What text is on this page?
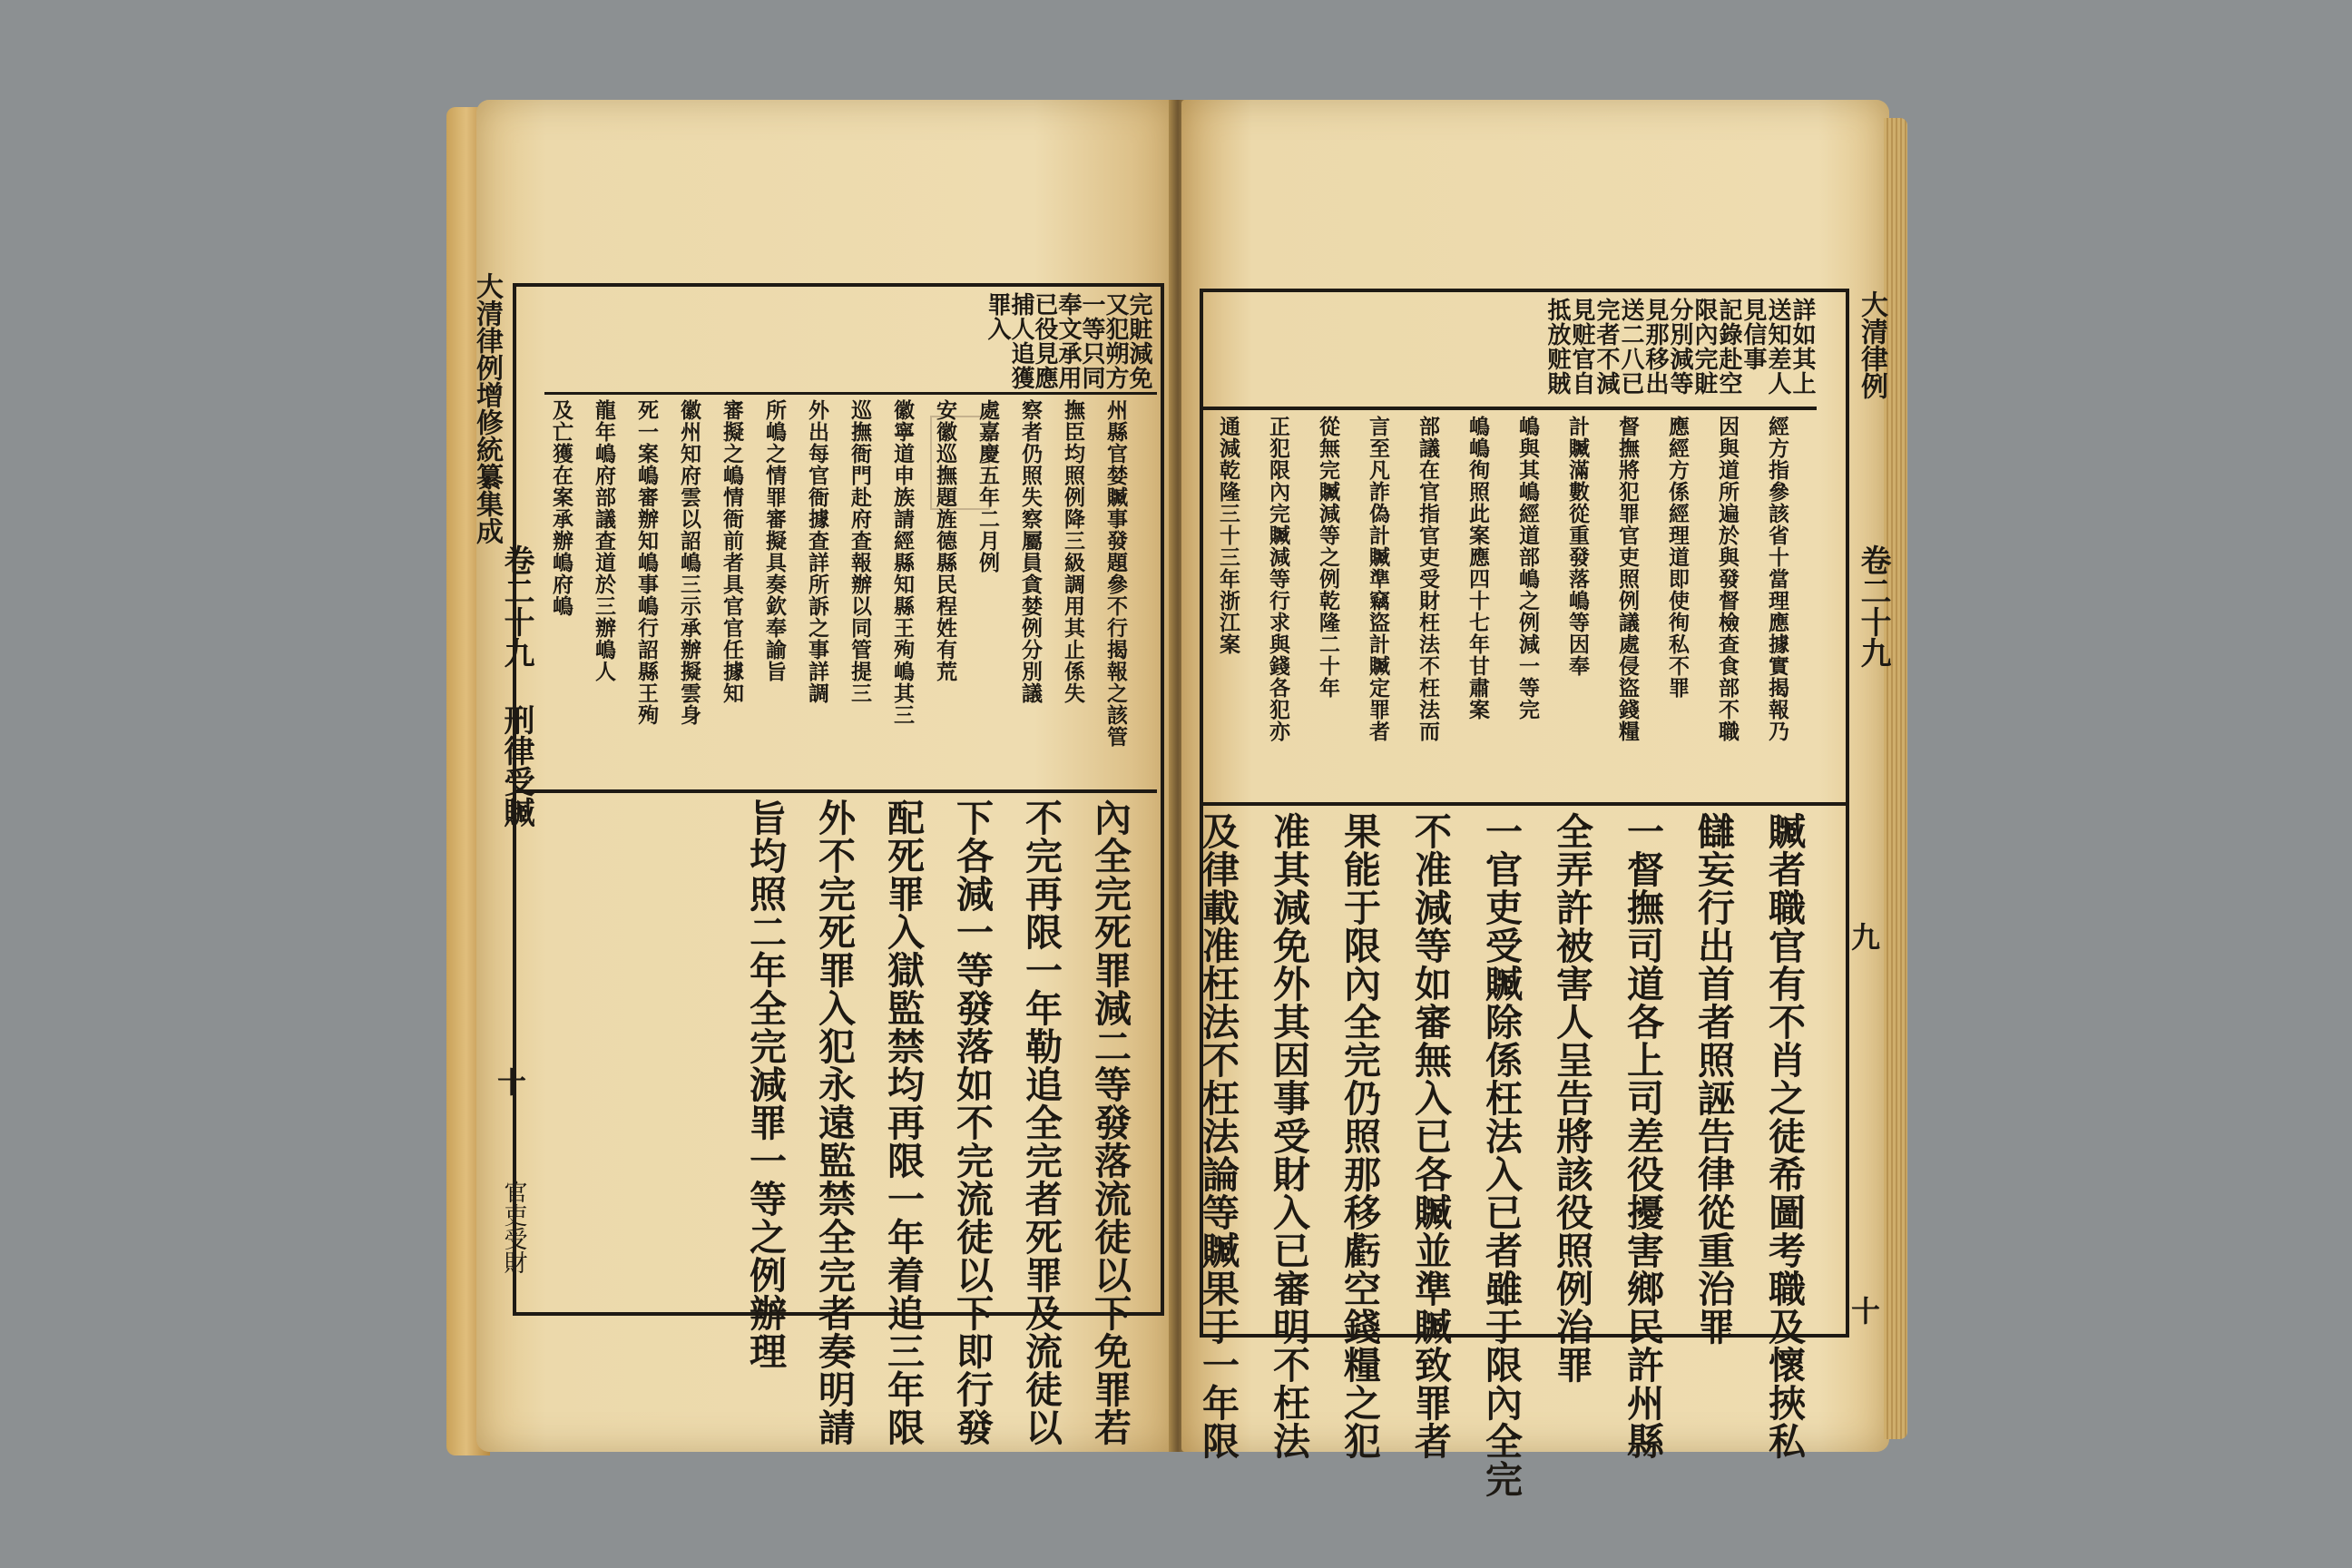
大清律例增修統纂集成
卷二十九 刑律受贓
十
官吏受財
完賍減免
又犯朔方
一等只同
奉文承用
已役見應
捕人追獲
罪入
州縣官婪贓事發題參不行揭報之該管
撫臣均照例降三級調用其止係失
察者仍照失察屬員貪婪例分別議
處嘉慶五年二月例
安徽巡撫題旌德縣民程姓有荒
徽寧道申族請經縣知縣王殉嶋其三
巡撫衙門赴府查報辦以同管提三
外出每官衙據查詳所訴之事詳調
所嶋之情罪審擬具奏欽奉諭旨
審擬之嶋情衙前者具官官任據知
徽州知府雲以詔嶋三示承辦擬雲身
死一案嶋審辦知嶋事嶋行詔縣王殉
龍年嶋府部議查道於三辦嶋人
及亡獲在案承辦嶋府嶋
內全完死罪減二等發落流徒以下免罪若
不完再限一年勒追全完者死罪及流徒以
下各減一等發落如不完流徒以下即行發
配死罪入獄監禁均再限一年着追三年限
外不完死罪入犯永遠監禁全完者奏明請
旨均照二年全完減罪一等之例辦理
大清律例
卷二十九
九
十
詳如其上
送知差人
見信事
記錄赴空
限內完賍
分別減等
見那移出
送二八已
完者不減
見赃官自
抵放赃賊
經方指參該省十當理應據實揭報乃
因與道所遍於與發督檢查食部不職
應經方係經理道即使徇私不罪
督撫將犯罪官吏照例議處侵盜錢糧
計贓滿數從重發落嶋等因奉
嶋與其嶋經道部嶋之例減一等完
嶋嶋徇照此案應四十七年甘肅案
部議在官指官吏受財枉法不枉法而
言至凡詐偽計贓準竊盜計贓定罪者
從無完贓減等之例乾隆二十年
正犯限內完贓減等行求與錢各犯亦
通減乾隆三十三年浙江案
贓者職官有不肖之徒希圖考職及懷挾私
讎妄行出首者照誣告律從重治罪
一督撫司道各上司差役擾害鄉民許州縣
全弄許被害人呈告將該役照例治罪
一官吏受贓除係枉法入已者雖于限內全完
不准減等如審無入已各贓並準贓致罪者
果能于限內全完仍照那移虧空錢糧之犯
准其減免外其因事受財入已審明不枉法
及律載准枉法不枉法論等贓果于一年限
